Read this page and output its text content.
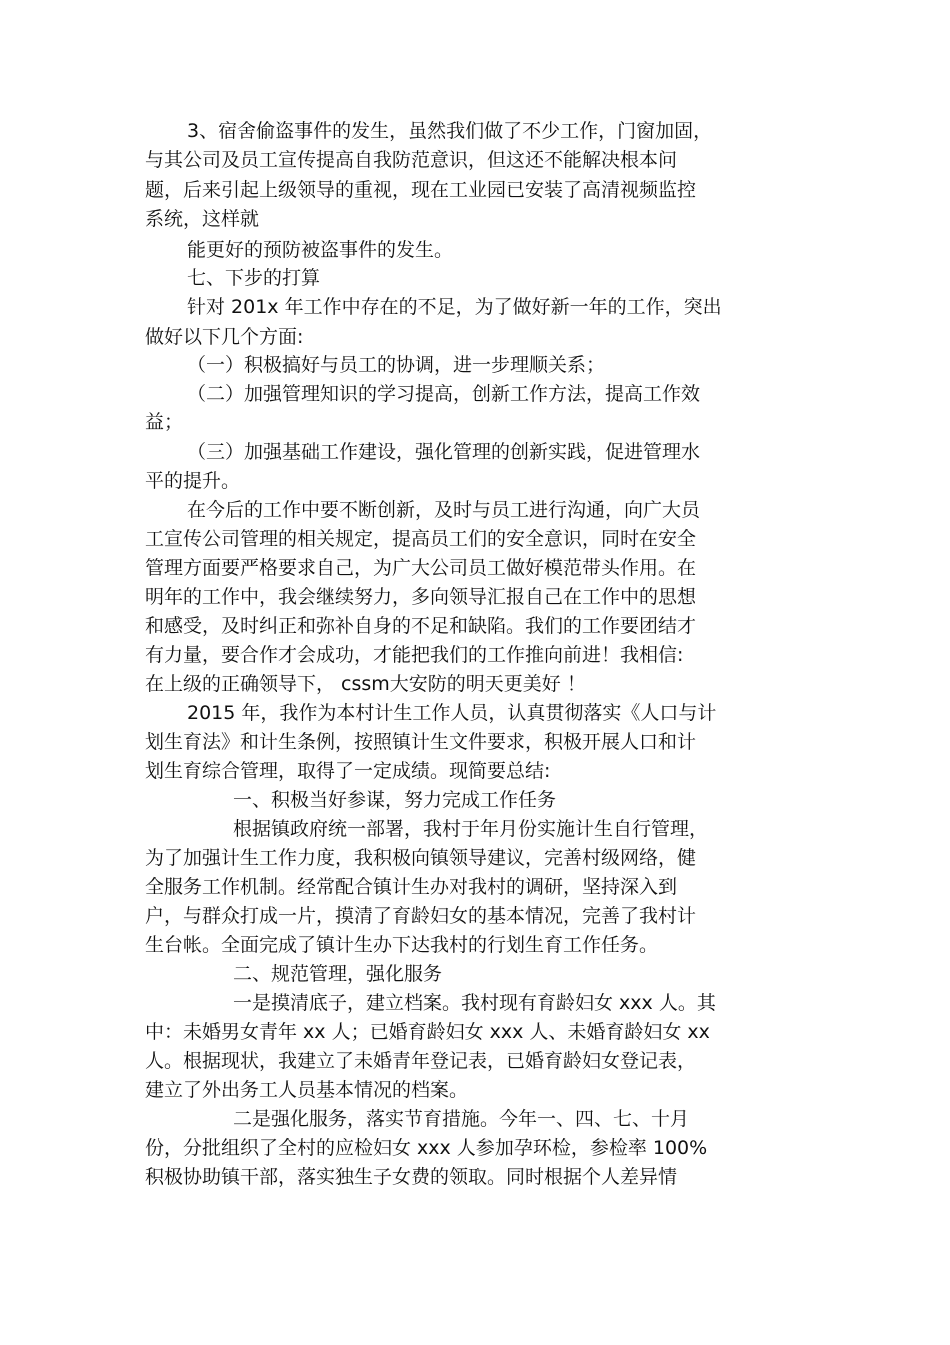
3、宿舍偷盗事件的发生，虽然我们做了不少工作，门窗加固，
与其公司及员工宣传提高自我防范意识，但这还不能解决根本问
题，后来引起上级领导的重视，现在工业园已安装了高清视频监控
系统，这样就
能更好的预防被盗事件的发生。
七、下步的打算
针对 201x 年工作中存在的不足，为了做好新一年的工作，突出
做好以下几个方面:
（一）积极搞好与员工的协调，进一步理顺关系；
（二）加强管理知识的学习提高，创新工作方法，提高工作效
益；
（三）加强基础工作建设，强化管理的创新实践，促进管理水
平的提升。
在今后的工作中要不断创新，及时与员工进行沟通，向广大员
工宣传公司管理的相关规定，提高员工们的安全意识，同时在安全
管理方面要严格要求自己，为广大公司员工做好模范带头作用。在
明年的工作中，我会继续努力，多向领导汇报自己在工作中的思想
和感受，及时纠正和弥补自身的不足和缺陷。我们的工作要团结才
有力量，要合作才会成功，才能把我们的工作推向前进！我相信:
在上级的正确领导下， cssm大安防的明天更美好 ！
2015 年，我作为本村计生工作人员，认真贯彻落实《人口与计
划生育法》和计生条例，按照镇计生文件要求，积极开展人口和计
划生育综合管理，取得了一定成绩。现简要总结:
一、积极当好参谋，努力完成工作任务
根据镇政府统一部署，我村于年月份实施计生自行管理，
为了加强计生工作力度，我积极向镇领导建议，完善村级网络，健
全服务工作机制。经常配合镇计生办对我村的调研，坚持深入到
户，与群众打成一片，摸清了育龄妇女的基本情况，完善了我村计
生台帐。全面完成了镇计生办下达我村的行划生育工作任务。
二、规范管理，强化服务
一是摸清底子，建立档案。我村现有育龄妇女 xxx 人。其
中：未婚男女青年 xx 人；已婚育龄妇女 xxx 人、未婚育龄妇女 xx
人。根据现状，我建立了未婚青年登记表，已婚育龄妇女登记表，
建立了外出务工人员基本情况的档案。
二是强化服务，落实节育措施。今年一、四、七、十月
份，分批组织了全村的应检妇女 xxx 人参加孕环检，参检率 100%
积极协助镇干部，落实独生子女费的领取。同时根据个人差异情
